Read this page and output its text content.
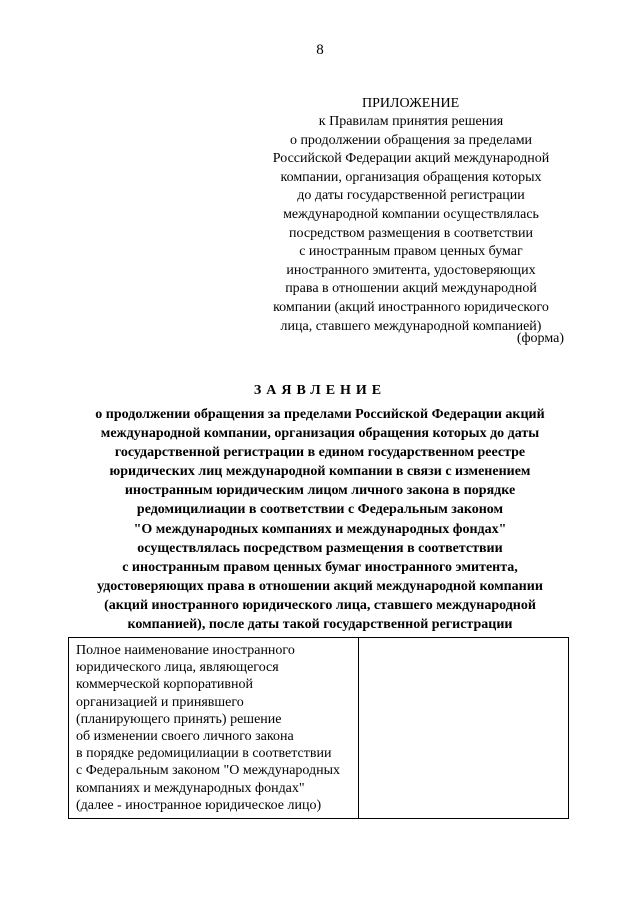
8
ПРИЛОЖЕНИЕ
к Правилам принятия решения
о продолжении обращения за пределами
Российской Федерации акций международной
компании, организация обращения которых
до даты государственной регистрации
международной компании осуществлялась
посредством размещения в соответствии
с иностранным правом ценных бумаг
иностранного эмитента, удостоверяющих
права в отношении акций международной
компании (акций иностранного юридического
лица, ставшего международной компанией)
(форма)
ЗАЯВЛЕНИЕ
о продолжении обращения за пределами Российской Федерации акций
международной компании, организация обращения которых до даты
государственной регистрации в едином государственном реестре
юридических лиц международной компании в связи с изменением
иностранным юридическим лицом личного закона в порядке
редомицилиации в соответствии с Федеральным законом
"О международных компаниях и международных фондах"
осуществлялась посредством размещения в соответствии
с иностранным правом ценных бумаг иностранного эмитента,
удостоверяющих права в отношении акций международной компании
(акций иностранного юридического лица, ставшего международной
компанией), после даты такой государственной регистрации
Полное наименование иностранного
юридического лица, являющегося
коммерческой корпоративной
организацией и принявшего
(планирующего принять) решение
об изменении своего личного закона
в порядке редомицилиации в соответствии
с Федеральным законом "О международных
компаниях и международных фондах"
(далее - иностранное юридическое лицо)
